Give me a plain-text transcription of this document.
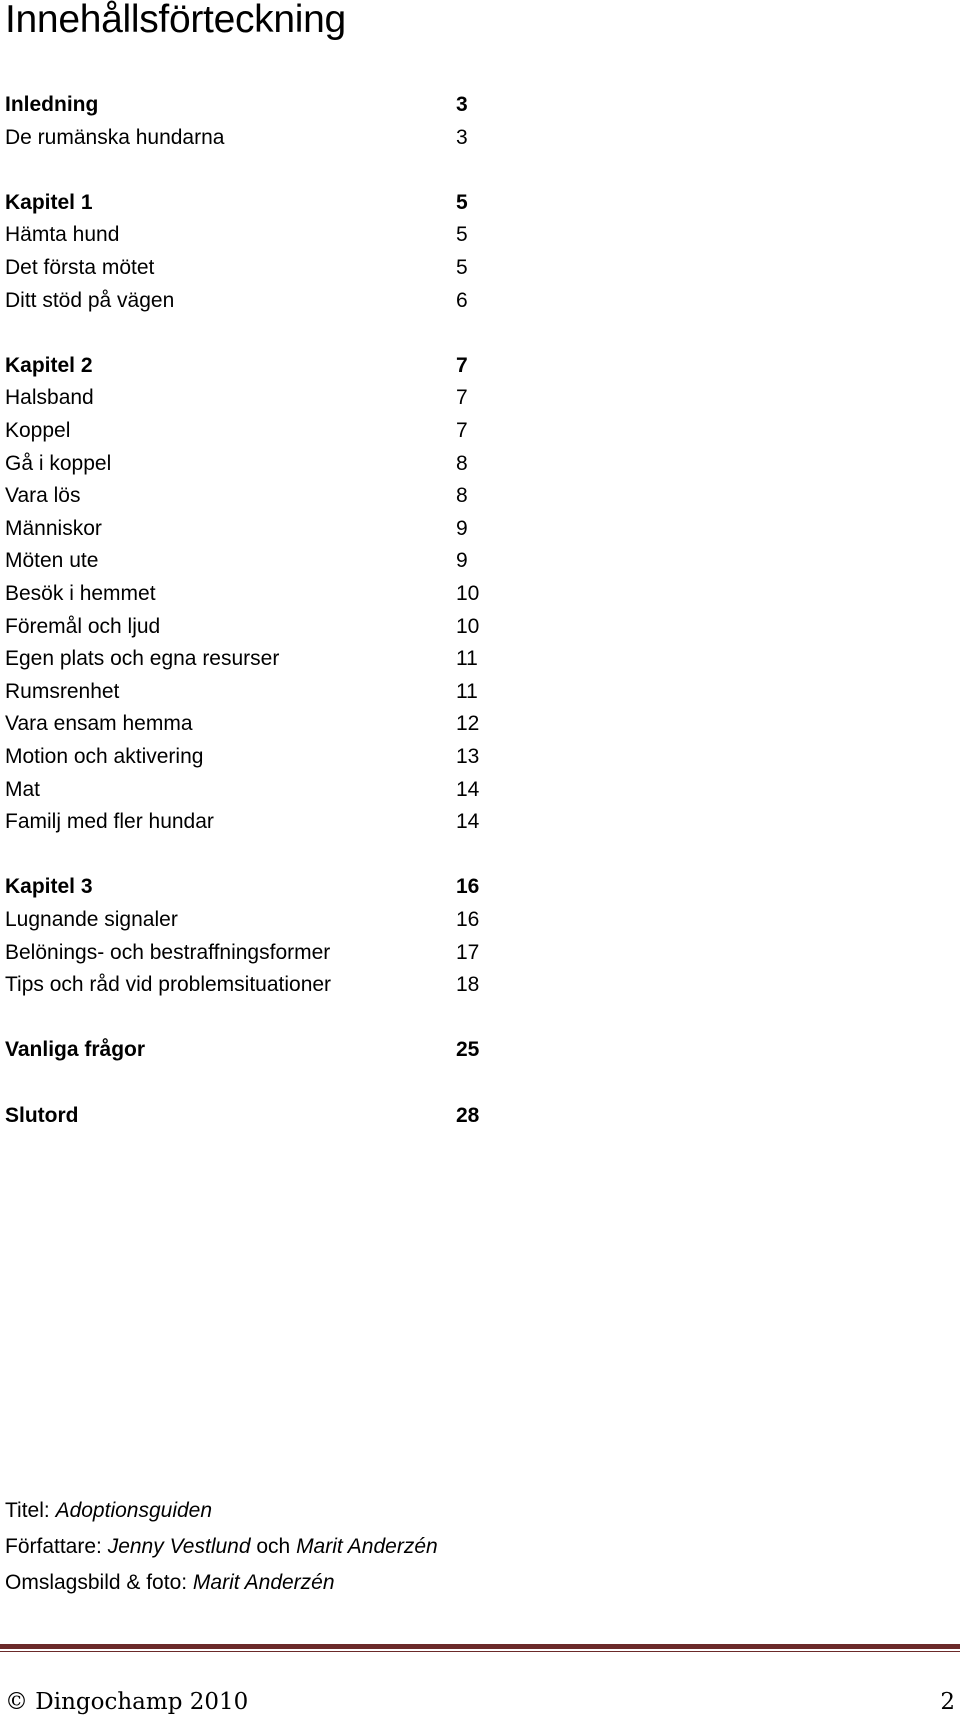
Innehållsförteckning
Inledning	3
De rumänska hundarna	3
Kapitel 1	5
Hämta hund	5
Det första mötet	5
Ditt stöd på vägen	6
Kapitel 2	7
Halsband	7
Koppel	7
Gå i koppel	8
Vara lös	8
Människor	9
Möten ute	9
Besök i hemmet	10
Föremål och ljud	10
Egen plats och egna resurser	11
Rumsrenhet	11
Vara ensam hemma	12
Motion och aktivering	13
Mat	14
Familj med fler hundar	14
Kapitel 3	16
Lugnande signaler	16
Belönings- och bestraffningsformer	17
Tips och råd vid problemsituationer	18
Vanliga frågor	25
Slutord	28
Titel: Adoptionsguiden
Författare: Jenny Vestlund och Marit Anderzén
Omslagsbild & foto: Marit Anderzén
© Dingochamp 2010	2
